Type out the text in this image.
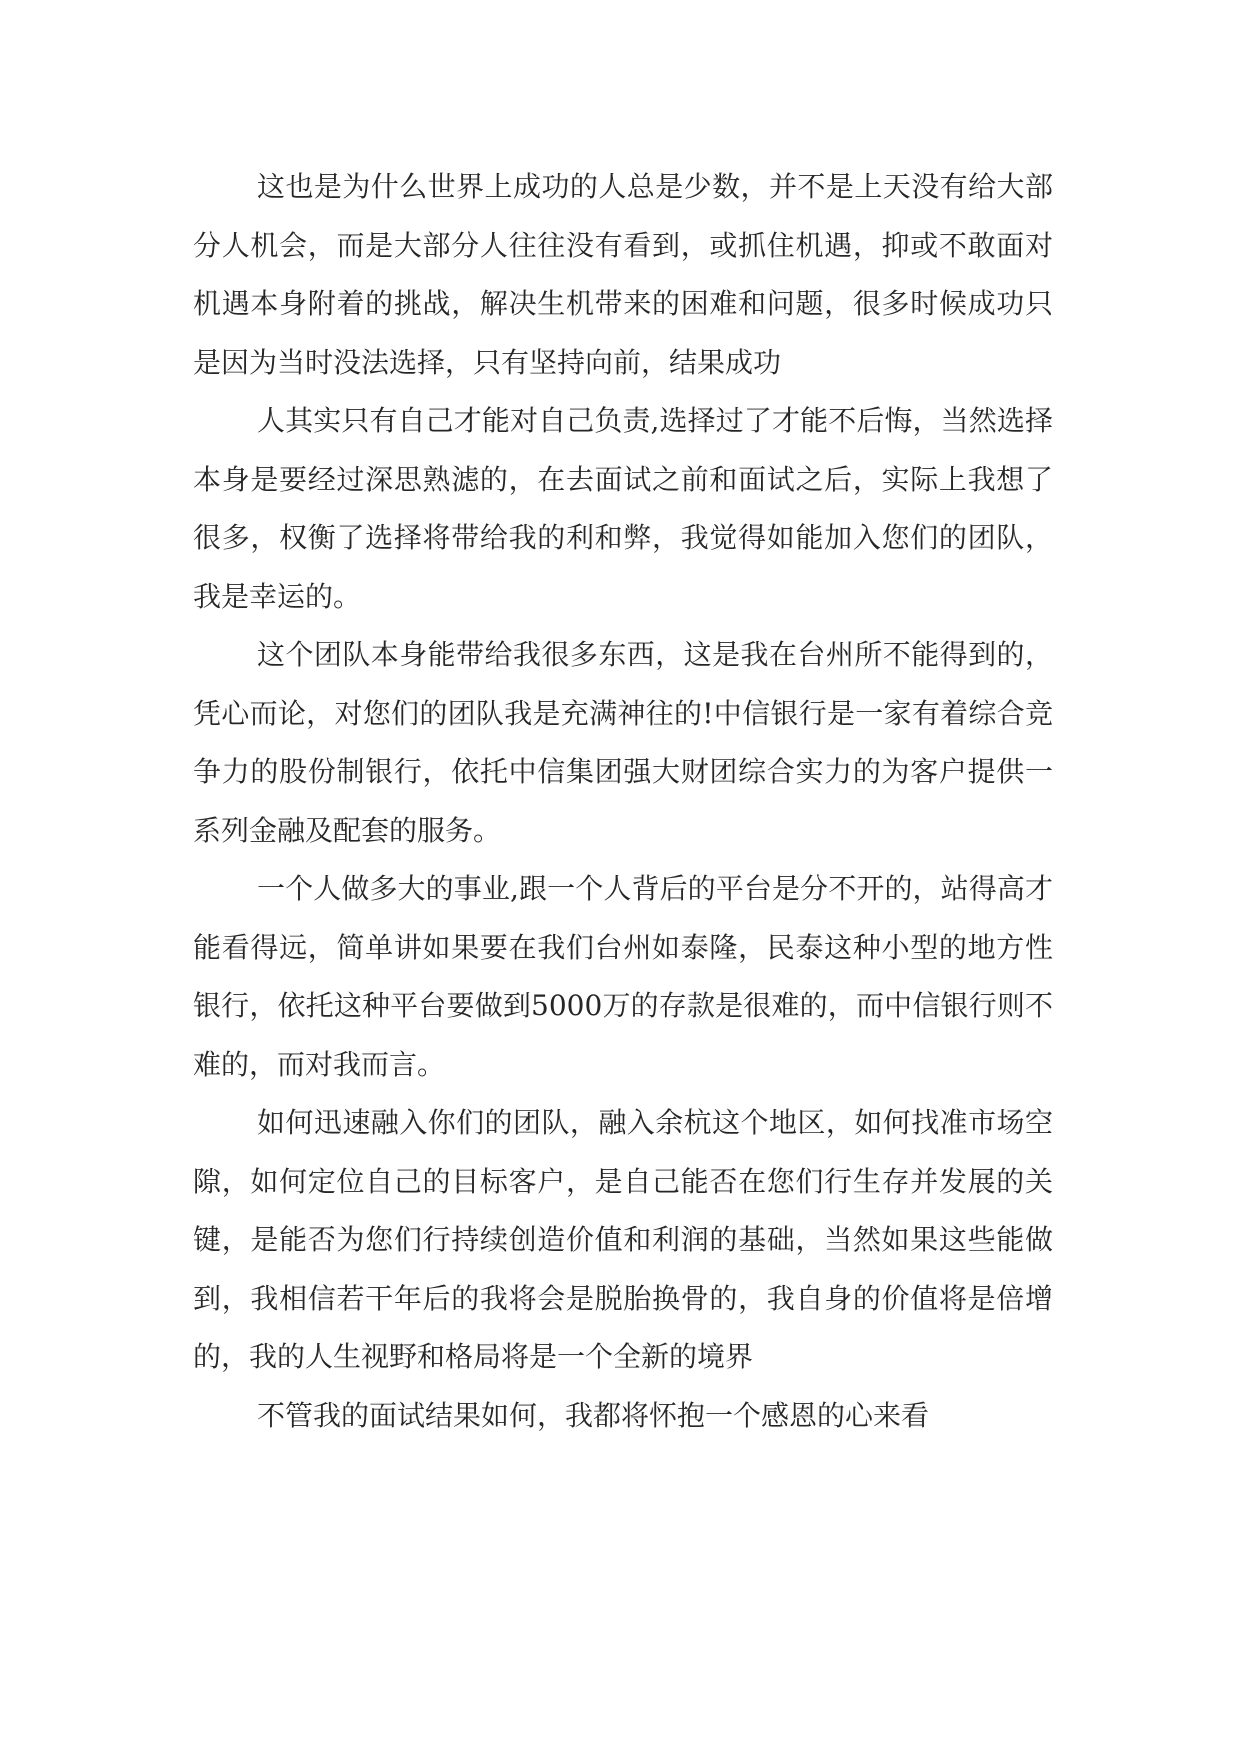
这也是为什么世界上成功的人总是少数，并不是上天没有给大部分人机会，而是大部分人往往没有看到，或抓住机遇，抑或不敢面对机遇本身附着的挑战，解决生机带来的困难和问题，很多时候成功只是因为当时没法选择，只有坚持向前，结果成功

人其实只有自己才能对自己负责,选择过了才能不后悔，当然选择本身是要经过深思熟滤的，在去面试之前和面试之后，实际上我想了很多，权衡了选择将带给我的利和弊，我觉得如能加入您们的团队，我是幸运的。

这个团队本身能带给我很多东西，这是我在台州所不能得到的，凭心而论，对您们的团队我是充满神往的!中信银行是一家有着综合竞争力的股份制银行，依托中信集团强大财团综合实力的为客户提供一系列金融及配套的服务。

一个人做多大的事业,跟一个人背后的平台是分不开的，站得高才能看得远，简单讲如果要在我们台州如泰隆，民泰这种小型的地方性银行，依托这种平台要做到5000万的存款是很难的，而中信银行则不难的，而对我而言。

如何迅速融入你们的团队，融入余杭这个地区，如何找准市场空隙，如何定位自己的目标客户，是自己能否在您们行生存并发展的关键，是能否为您们行持续创造价值和利润的基础，当然如果这些能做到，我相信若干年后的我将会是脱胎换骨的，我自身的价值将是倍增的，我的人生视野和格局将是一个全新的境界

不管我的面试结果如何，我都将怀抱一个感恩的心来看
